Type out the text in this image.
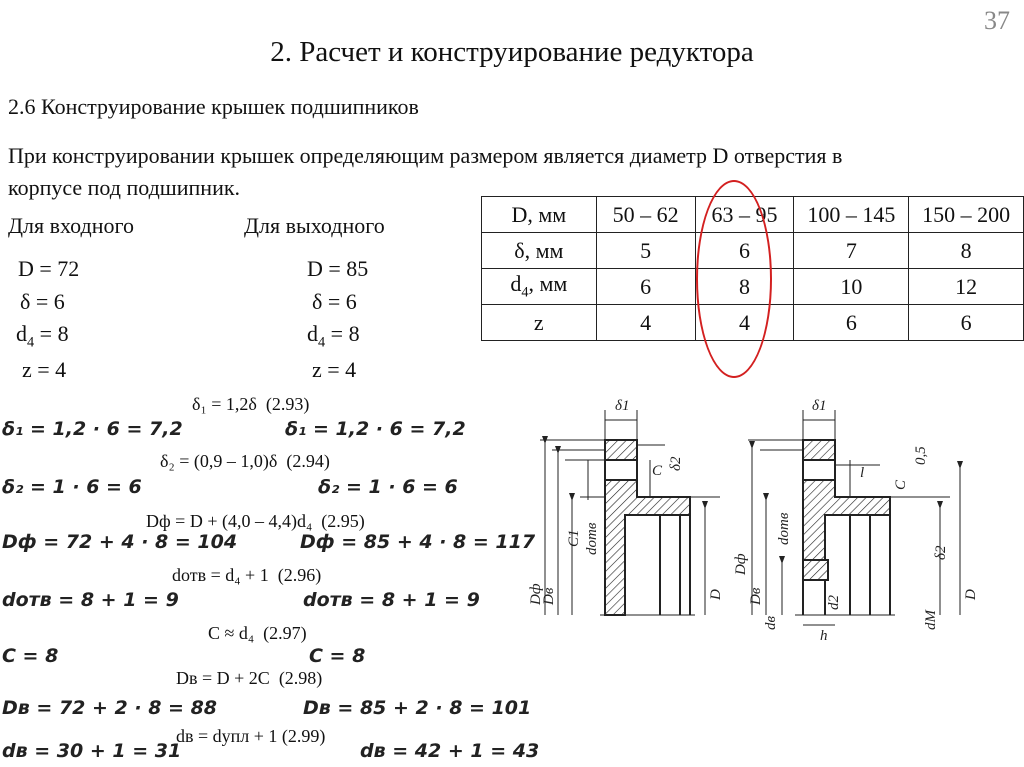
37
2. Расчет и конструирование редуктора
2.6 Конструирование крышек подшипников
При конструировании крышек определяющим размером является диаметр D отверстия в
корпусе под подшипник.
Для входного
D = 72
δ = 6
$d_4 = 8$
z = 4
Для выходного
D = 85
δ = 6
$d_4 = 8$
z = 4
D, мм	50 – 62	63 – 95	100 – 145	150 – 200
δ, мм	5	6	7	8
$d_4$, мм	6	8	10	12
z	4	4	6	6
δ₁ = 1,2δ (2.93)
δ₂ = (0,9 – 1,0)δ (2.94)
Dф = D + (4,0 – 4,4)d₄ (2.95)
dотв = d₄ + 1 (2.96)
C ≈ d₄ (2.97)
Dв = D + 2C (2.98)
dв = dупл + 1 (2.99)
δ₁ = 1,2 · 6 = 7,2
δ₂ = 1 · 6 = 6
Dф = 72 + 4 · 8 = 104
dотв = 8 + 1 = 9
C = 8
Dв = 72 + 2 · 8 = 88
dв = 30 + 1 = 31
δ₁ = 1,2 · 6 = 7,2
δ₂ = 1 · 6 = 6
Dф = 85 + 4 · 8 = 117
dотв = 8 + 1 = 9
C = 8
Dв = 85 + 2 · 8 = 101
dв = 42 + 1 = 43
δ1
C δ2
dотв
C1
Dф
Dв	D
δ1
l
C
0,5
δ2
dотв
Dф
Dв	D
dв	dМ
h
d2
